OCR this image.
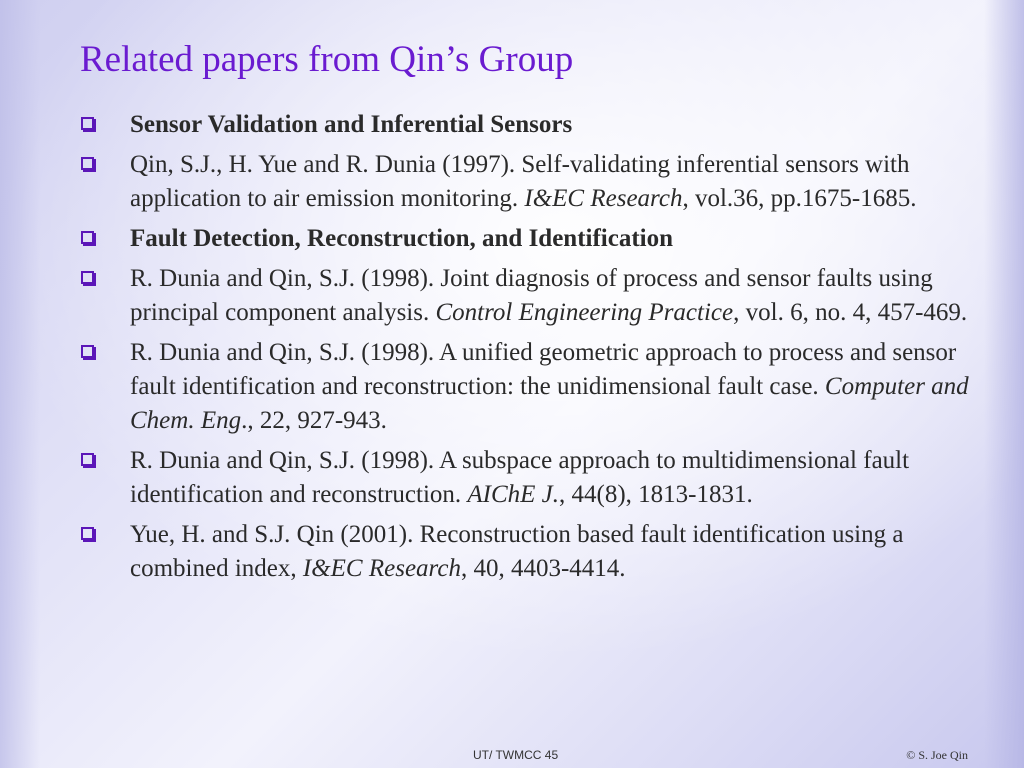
Related papers from Qin’s Group
Sensor Validation and Inferential Sensors
Qin, S.J., H. Yue and R. Dunia (1997). Self-validating inferential sensors with application to air emission monitoring. I&EC Research, vol.36, pp.1675-1685.
Fault Detection, Reconstruction, and Identification
R. Dunia and Qin, S.J. (1998). Joint diagnosis of process and sensor faults using principal component analysis. Control Engineering Practice, vol. 6, no. 4, 457-469.
R. Dunia and Qin, S.J. (1998). A unified geometric approach to process and sensor fault identification and reconstruction: the unidimensional fault case. Computer and Chem. Eng., 22, 927-943.
R. Dunia and Qin, S.J. (1998). A subspace approach to multidimensional fault identification and reconstruction. AIChE J., 44(8), 1813-1831.
Yue, H. and S.J. Qin (2001). Reconstruction based fault identification using a combined index, I&EC Research, 40, 4403-4414.
UT/ TWMCC 45	© S. Joe Qin
